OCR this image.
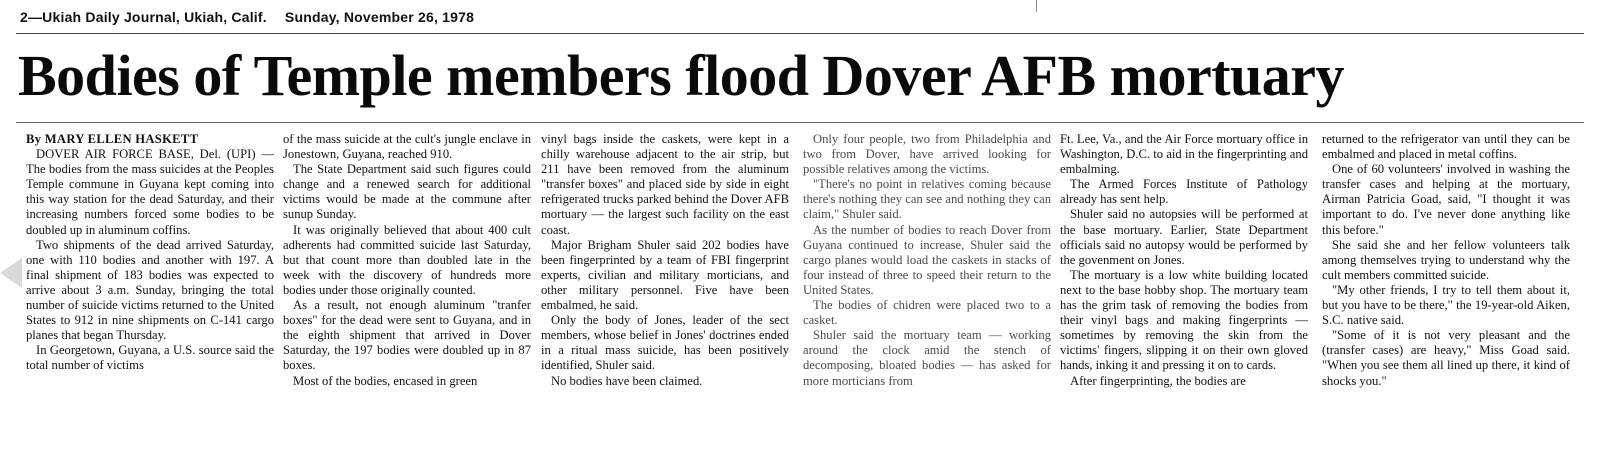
2—Ukiah Daily Journal, Ukiah, Calif. Sunday, November 26, 1978
Bodies of Temple members flood Dover AFB mortuary

By MARY ELLEN HASKETT

DOVER AIR FORCE BASE, Del. (UPI) — The bodies from the mass suicides at the Peoples Temple commune in Guyana kept coming into this way station for the dead Saturday, and their increasing numbers forced some bodies to be doubled up in aluminum coffins.

Two shipments of the dead arrived Saturday, one with 110 bodies and another with 197. A final shipment of 183 bodies was expected to arrive about 3 a.m. Sunday, bringing the total number of suicide victims returned to the United States to 912 in nine shipments on C-141 cargo planes that began Thursday.

In Georgetown, Guyana, a U.S. source said the total number of victims

of the mass suicide at the cult's jungle enclave in Jonestown, Guyana, reached 910.

The State Department said such figures could change and a renewed search for additional victims would be made at the commune after sunup Sunday.

It was originally believed that about 400 cult adherents had committed suicide last Saturday, but that count more than doubled late in the week with the discovery of hundreds more bodies under those originally counted.

As a result, not enough aluminum "tranfer boxes" for the dead were sent to Guyana, and in the eighth shipment that arrived in Dover Saturday, the 197 bodies were doubled up in 87 boxes.

Most of the bodies, encased in green

vinyl bags inside the caskets, were kept in a chilly warehouse adjacent to the air strip, but 211 have been removed from the aluminum "transfer boxes" and placed side by side in eight refrigerated trucks parked behind the Dover AFB mortuary — the largest such facility on the east coast.

Major Brigham Shuler said 202 bodies have been fingerprinted by a team of FBI fingerprint experts, civilian and military morticians, and other military personnel. Five have been embalmed, he said.

Only the body of Jones, leader of the sect members, whose belief in Jones' doctrines ended in a ritual mass suicide, has been positively identified, Shuler said.

No bodies have been claimed.

Only four people, two from Philadelphia and two from Dover, have arrived looking for possible relatives among the victims.

"There's no point in relatives coming because there's nothing they can see and nothing they can claim," Shuler said.

As the number of bodies to reach Dover from Guyana continued to increase, Shuler said the cargo planes would load the caskets in stacks of four instead of three to speed their return to the United States.

The bodies of chidren were placed two to a casket.

Shuler said the mortuary team — working around the clock amid the stench of decomposing, bloated bodies — has asked for more morticians from

Ft. Lee, Va., and the Air Force mortuary office in Washington, D.C. to aid in the fingerprinting and embalming.

The Armed Forces Institute of Pathology already has sent help.

Shuler said no autopsies will be performed at the base mortuary. Earlier, State Department officials said no autopsy would be performed by the govenment on Jones.

The mortuary is a low white building located next to the base hobby shop. The mortuary team has the grim task of removing the bodies from their vinyl bags and making fingerprints — sometimes by removing the skin from the victims' fingers, slipping it on their own gloved hands, inking it and pressing it on to cards.

After fingerprinting, the bodies are

returned to the refrigerator van until they can be embalmed and placed in metal coffins.

One of 60 volunteers' involved in washing the transfer cases and helping at the mortuary, Airman Patricia Goad, said, "I thought it was important to do. I've never done anything like this before."

She said she and her fellow volunteers talk among themselves trying to understand why the cult members committed suicide.

"My other friends, I try to tell them about it, but you have to be there," the 19-year-old Aiken, S.C. native said.

"Some of it is not very pleasant and the (transfer cases) are heavy," Miss Goad said. "When you see them all lined up there, it kind of shocks you."
